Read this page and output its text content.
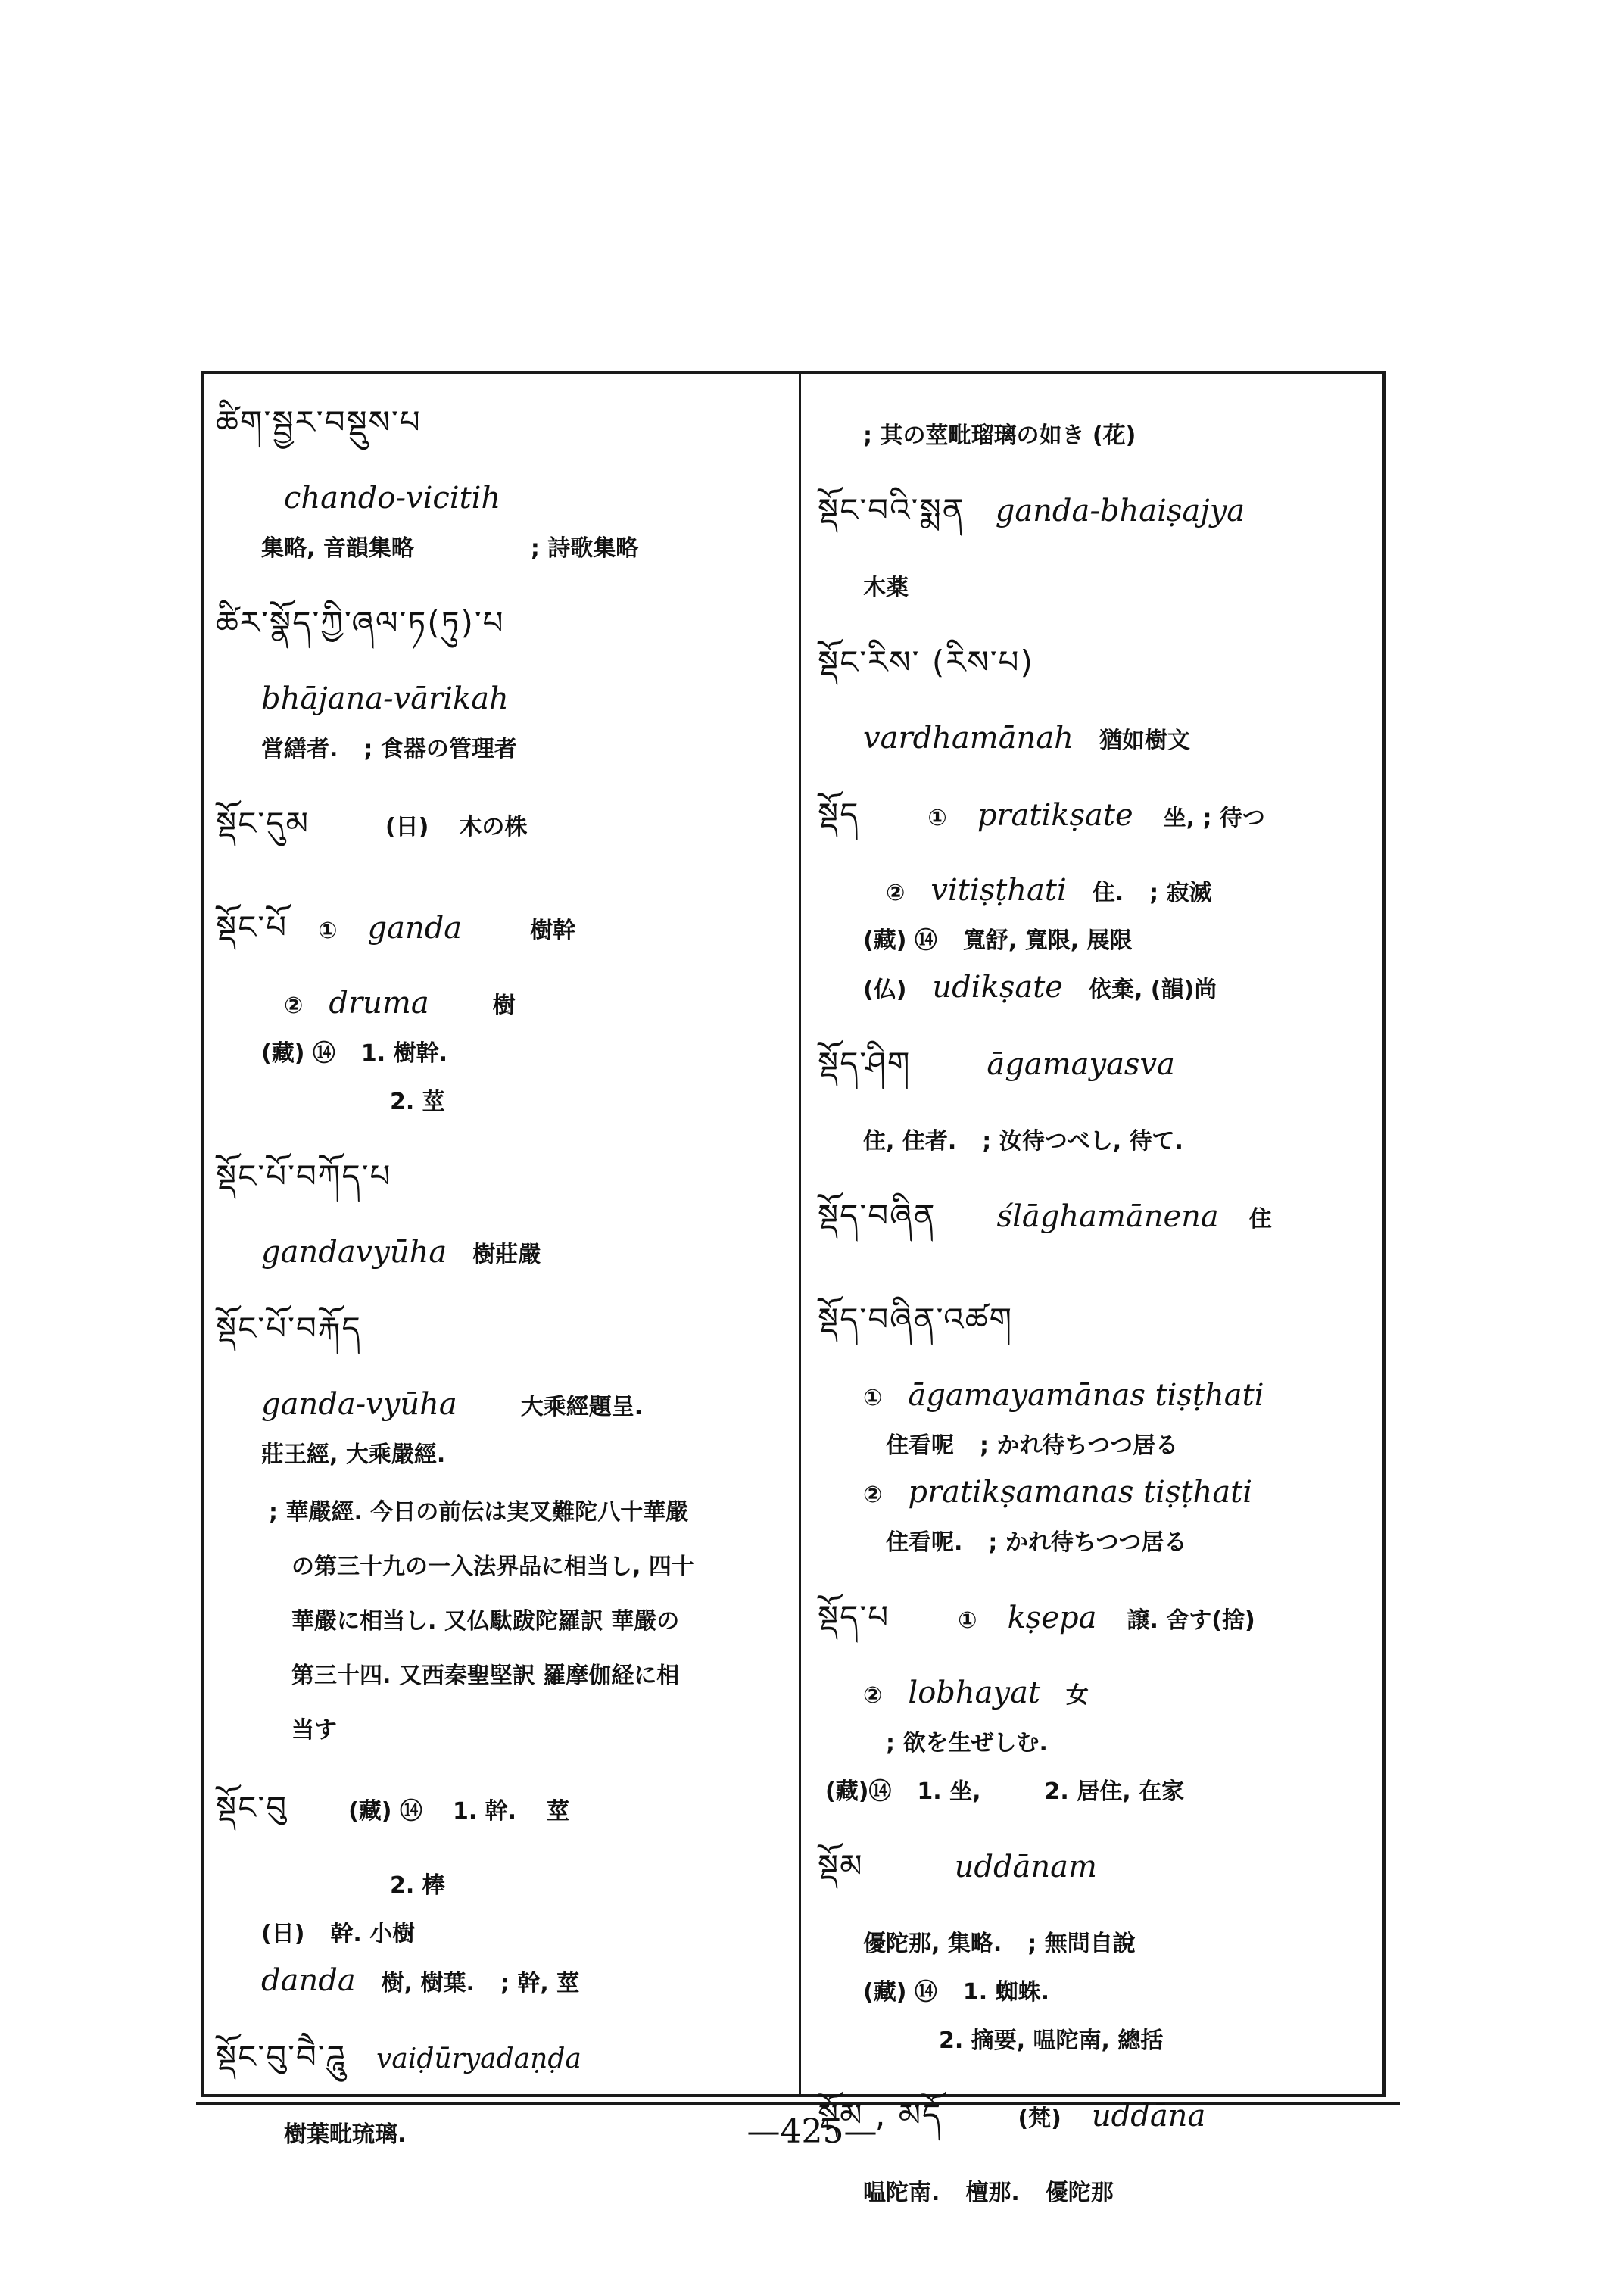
ཚིག་སྦྱར་བསྡུས་པ
chando-vicitih
集略, 音韻集略	; 詩歌集略
ཚིར་སྣོད་ཀྱི་ཞལ་ཏ(ཏུ)་པ
bhājana-vārikah
営繕者. ; 食器の管理者
སྡོང་དུམ	(日) 木の株
སྡོང་པོ ① ganda	樹幹
② druma	樹
(藏) ⑭ 1. 樹幹.
2. 莖
སྡོང་པོ་བཀོད་པ
gandavyūha 樹莊嚴
སྡོང་པོ་བརྐོད
ganda-vyūha	大乘經題呈.
莊王經, 大乘嚴經.
; 華嚴經. 今日の前伝は実叉難陀八十華嚴
の第三十九の一入法界品に相当し, 四十
華嚴に相当し. 又仏駄跋陀羅訳 華嚴の
第三十四. 又西秦聖堅訳 羅摩伽経に相
当す
སྡོང་བུ	(藏) ⑭ 1. 幹. 莖
2. 棒
(日) 幹. 小樹
danda 樹, 樹葉. ; 幹, 莖
སྡོང་བུ་བཻ་ཌཱུ vaiḍūryadaṇḍa
樹葉毗琉璃.
; 其の莖毗瑠璃の如き (花)
སྡོང་བའི་སྨན ganda-bhaiṣajya
木薬
སྡོང་རིས་ (རིས་པ)
vardhamānah 猶如樹文
སྡོད	① pratikṣate 坐, ; 待つ
② vitiṣṭhati 住. ; 寂滅
(藏) ⑭ 寬舒, 寬限, 展限
(仏) udikṣate 依棄, (韻)尚
སྡོད་ཤིག	āgamayasva
住, 住者. ; 汝待つべし, 待て.
སྡོད་བཞིན ślāghamānena 住
སྡོད་བཞིན་འཚག
① āgamayamānas tiṣṭhati
住看呢 ; かれ待ちつつ居る
② pratikṣamanas tiṣṭhati
住看呢. ; かれ待ちつつ居る
སྡོད་པ	① kṣepa 譲. 舍す(捨)
② lobhayat 女
; 欲を生ぜしむ.
(藏)⑭ 1. 坐,	2. 居住, 在家
སྡོམ	uddānam
優陀那, 集略. ; 無問自說
(藏) ⑭ 1. 蜘蛛.
2. 摘要, 嗢陀南, 總括
སྡོམ , མདོ	(梵) uddāna
嗢陀南. 檀那. 優陀那
—425—
